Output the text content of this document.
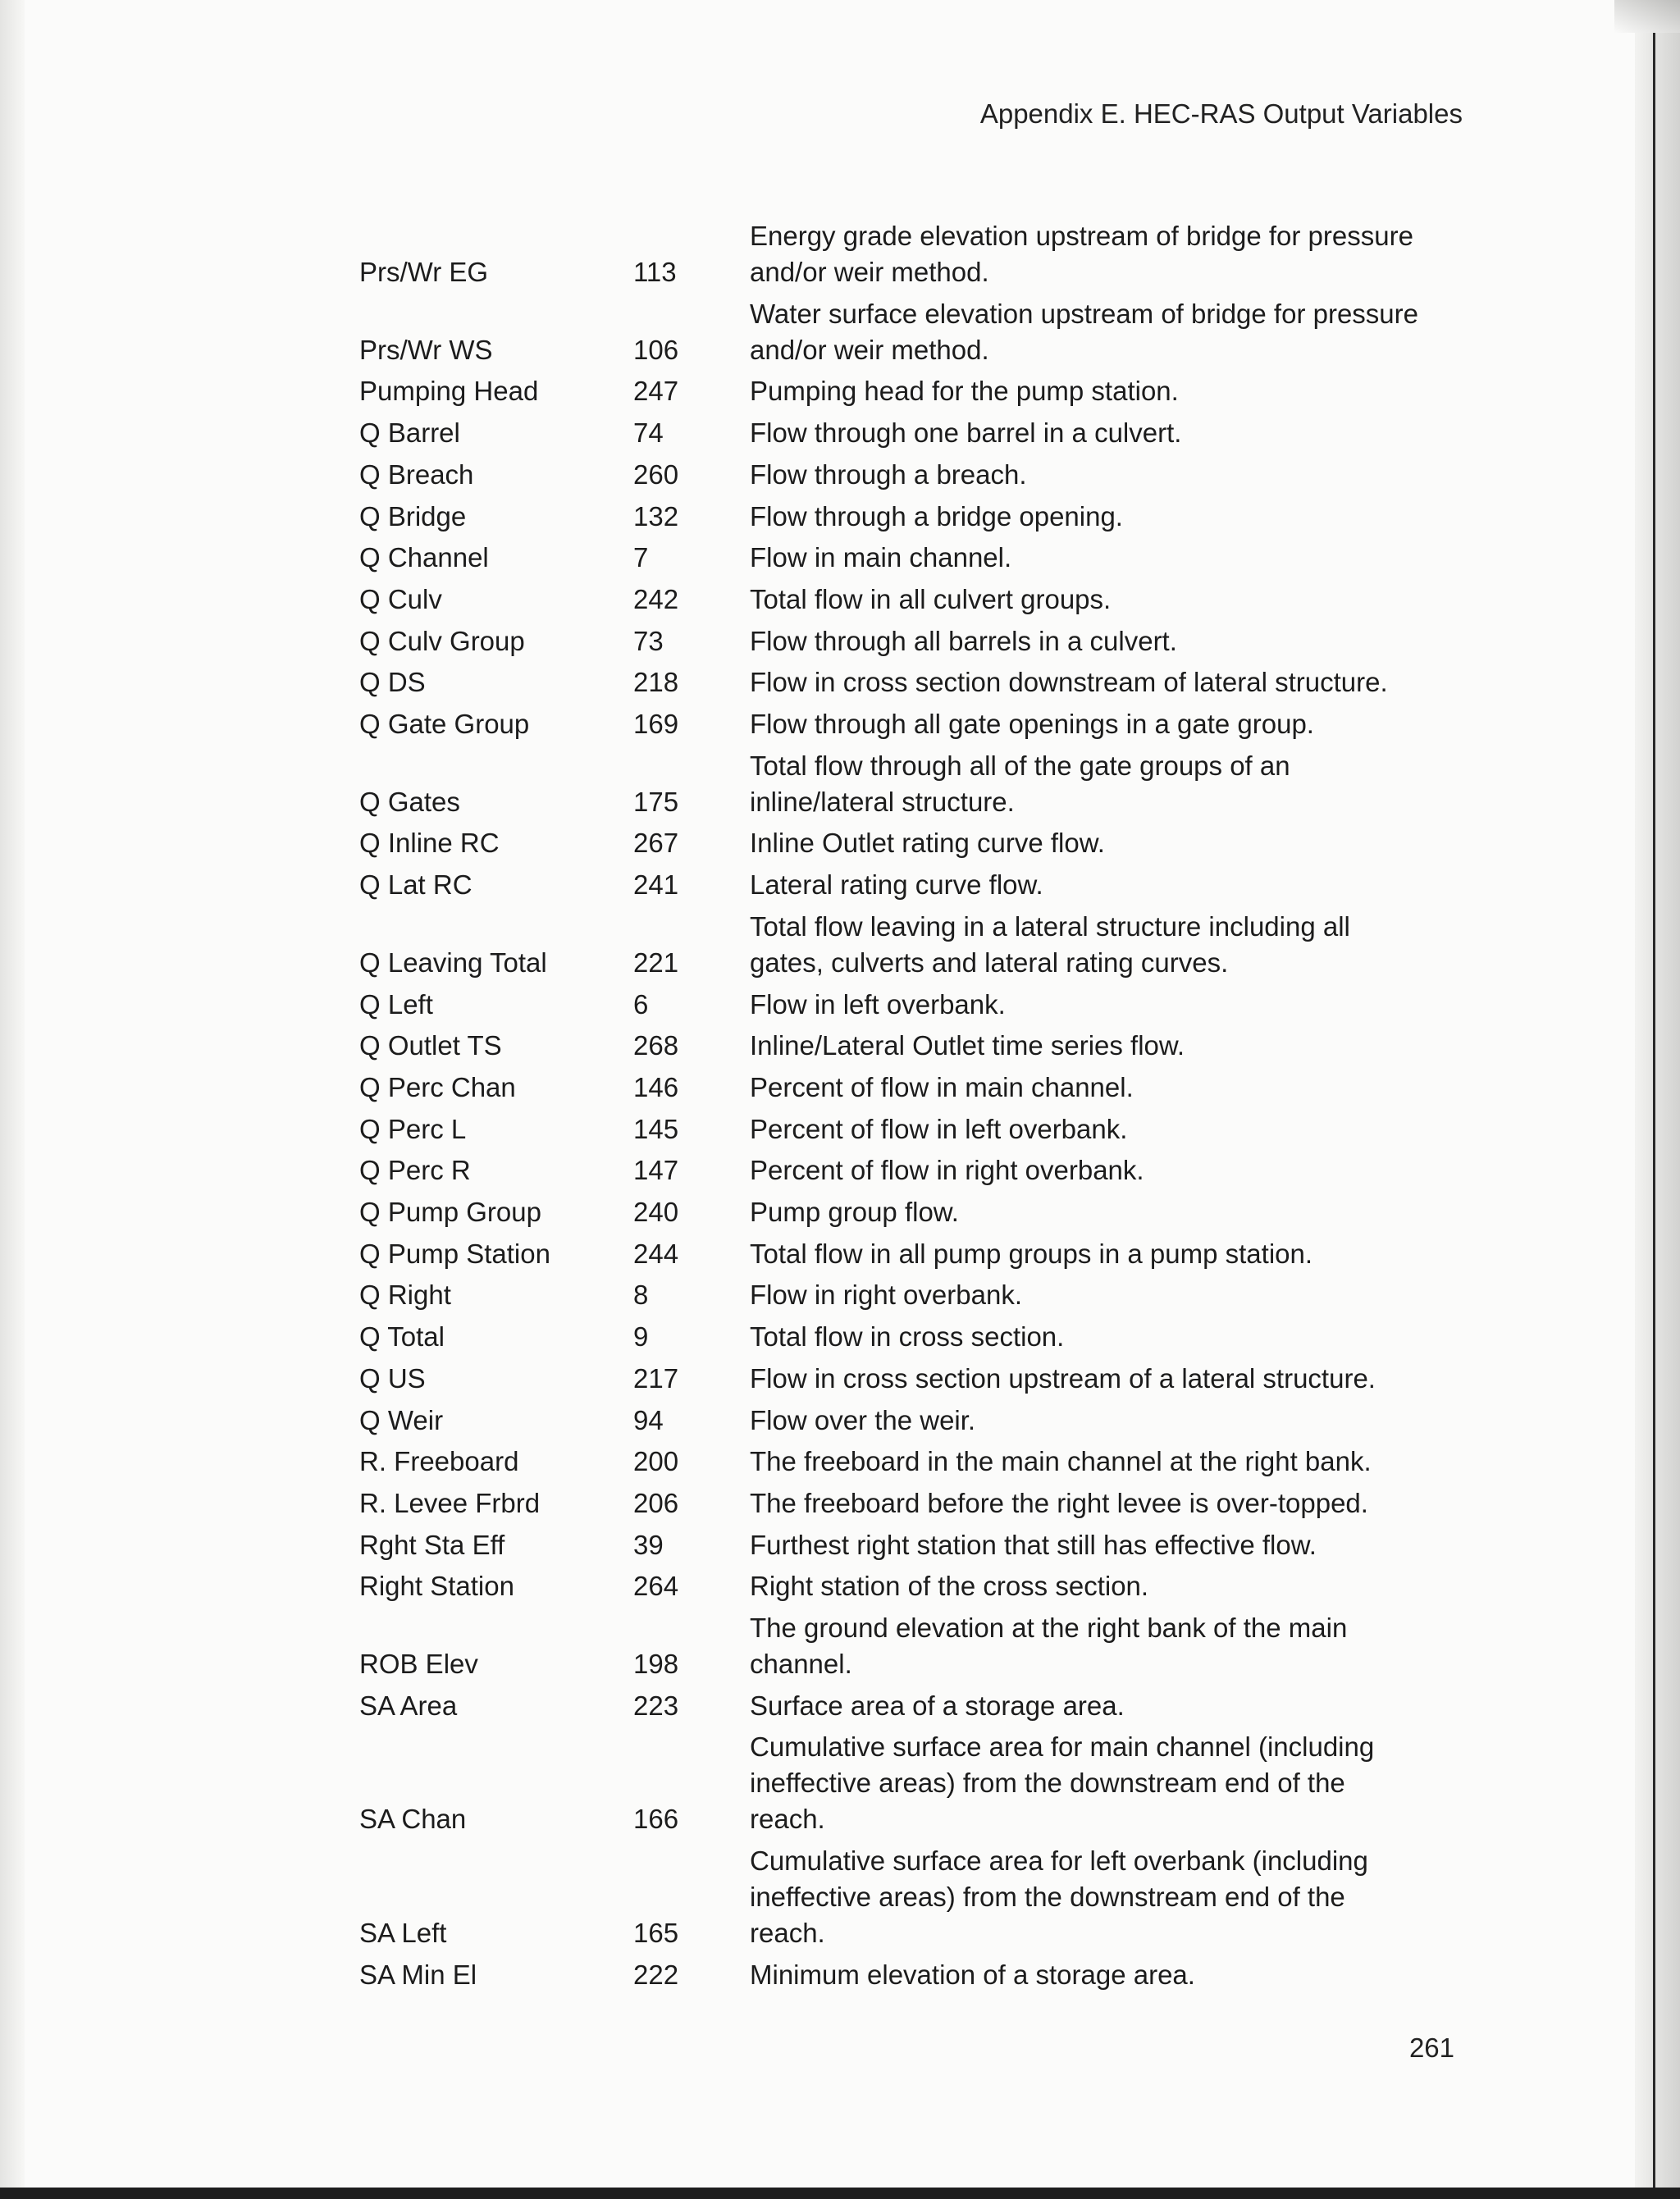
Appendix E. HEC-RAS Output Variables
Prs/Wr EG	113
Energy grade elevation upstream of bridge for pressure
and/or weir method.
Prs/Wr WS	106
Water surface elevation upstream of bridge for pressure
and/or weir method.
Pumping Head	247	Pumping head for the pump station.
Q Barrel	74	Flow through one barrel in a culvert.
Q Breach	260	Flow through a breach.
Q Bridge	132	Flow through a bridge opening.
Q Channel	7	Flow in main channel.
Q Culv	242	Total flow in all culvert groups.
Q Culv Group	73	Flow through all barrels in a culvert.
Q DS	218	Flow in cross section downstream of lateral structure.
Q Gate Group	169	Flow through all gate openings in a gate group.
Q Gates	175
Total flow through all of the gate groups of an
inline/lateral structure.
Q Inline RC	267	Inline Outlet rating curve flow.
Q Lat RC	241	Lateral rating curve flow.
Q Leaving Total	221
Total flow leaving in a lateral structure including all
gates, culverts and lateral rating curves.
Q Left	6	Flow in left overbank.
Q Outlet TS	268	Inline/Lateral Outlet time series flow.
Q Perc Chan	146	Percent of flow in main channel.
Q Perc L	145	Percent of flow in left overbank.
Q Perc R	147	Percent of flow in right overbank.
Q Pump Group	240	Pump group flow.
Q Pump Station	244	Total flow in all pump groups in a pump station.
Q Right	8	Flow in right overbank.
Q Total	9	Total flow in cross section.
Q US	217	Flow in cross section upstream of a lateral structure.
Q Weir	94	Flow over the weir.
R. Freeboard	200	The freeboard in the main channel at the right bank.
R. Levee Frbrd	206	The freeboard before the right levee is over-topped.
Rght Sta Eff	39	Furthest right station that still has effective flow.
Right Station	264	Right station of the cross section.
ROB Elev	198
The ground elevation at the right bank of the main
channel.
SA Area	223	Surface area of a storage area.
SA Chan	166
Cumulative surface area for main channel (including
ineffective areas) from the downstream end of the
reach.
SA Left	165
Cumulative surface area for left overbank (including
ineffective areas) from the downstream end of the
reach.
SA Min El	222	Minimum elevation of a storage area.
261
